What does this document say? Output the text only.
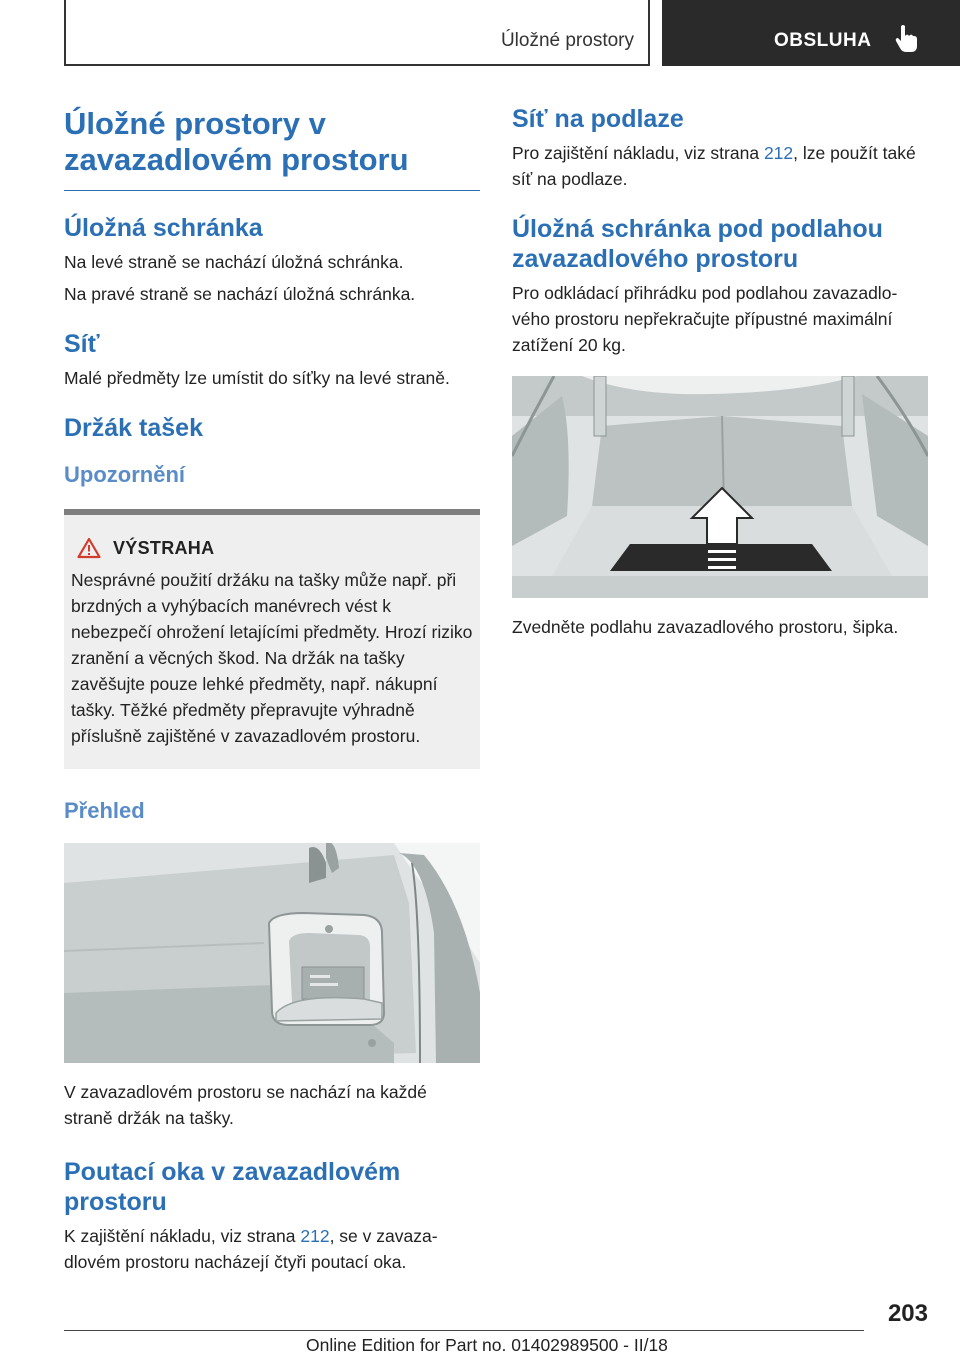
Úložné prostory	OBSLUHA
Úložné prostory v zavazadlovém prostoru
Úložná schránka

Na levé straně se nachází úložná schránka.

Na pravé straně se nachází úložná schránka.

Síť

Malé předměty lze umístit do síťky na levé straně.

Držák tašek
Upozornění
VÝSTRAHA

Nesprávné použití držáku na tašky může např. při brzdných a vyhýbacích manévrech vést k nebezpečí ohrožení letajícími předměty. Hrozí riziko zranění a věcných škod. Na držák na tašky zavěšujte pouze lehké předměty, např. nákupní tašky. Těžké předměty přepravujte výhradně příslušně zajištěné v zavazadlovém prostoru.

Přehled

V zavazadlovém prostoru se nachází na každé straně držák na tašky.

Poutací oka v zavazadlovém prostoru

K zajištění nákladu, viz strana 212, se v zavazadlovém prostoru nacházejí čtyři poutací oka.

Síť na podlaze

Pro zajištění nákladu, viz strana 212, lze použít také síť na podlaze.

Úložná schránka pod podlahou zavazadlového prostoru

Pro odkládací přihrádku pod podlahou zavazadlového prostoru nepřekračujte přípustné maximální zatížení 20 kg.

Zvedněte podlahu zavazadlového prostoru, šipka.

203
Online Edition for Part no. 01402989500 - II/18
